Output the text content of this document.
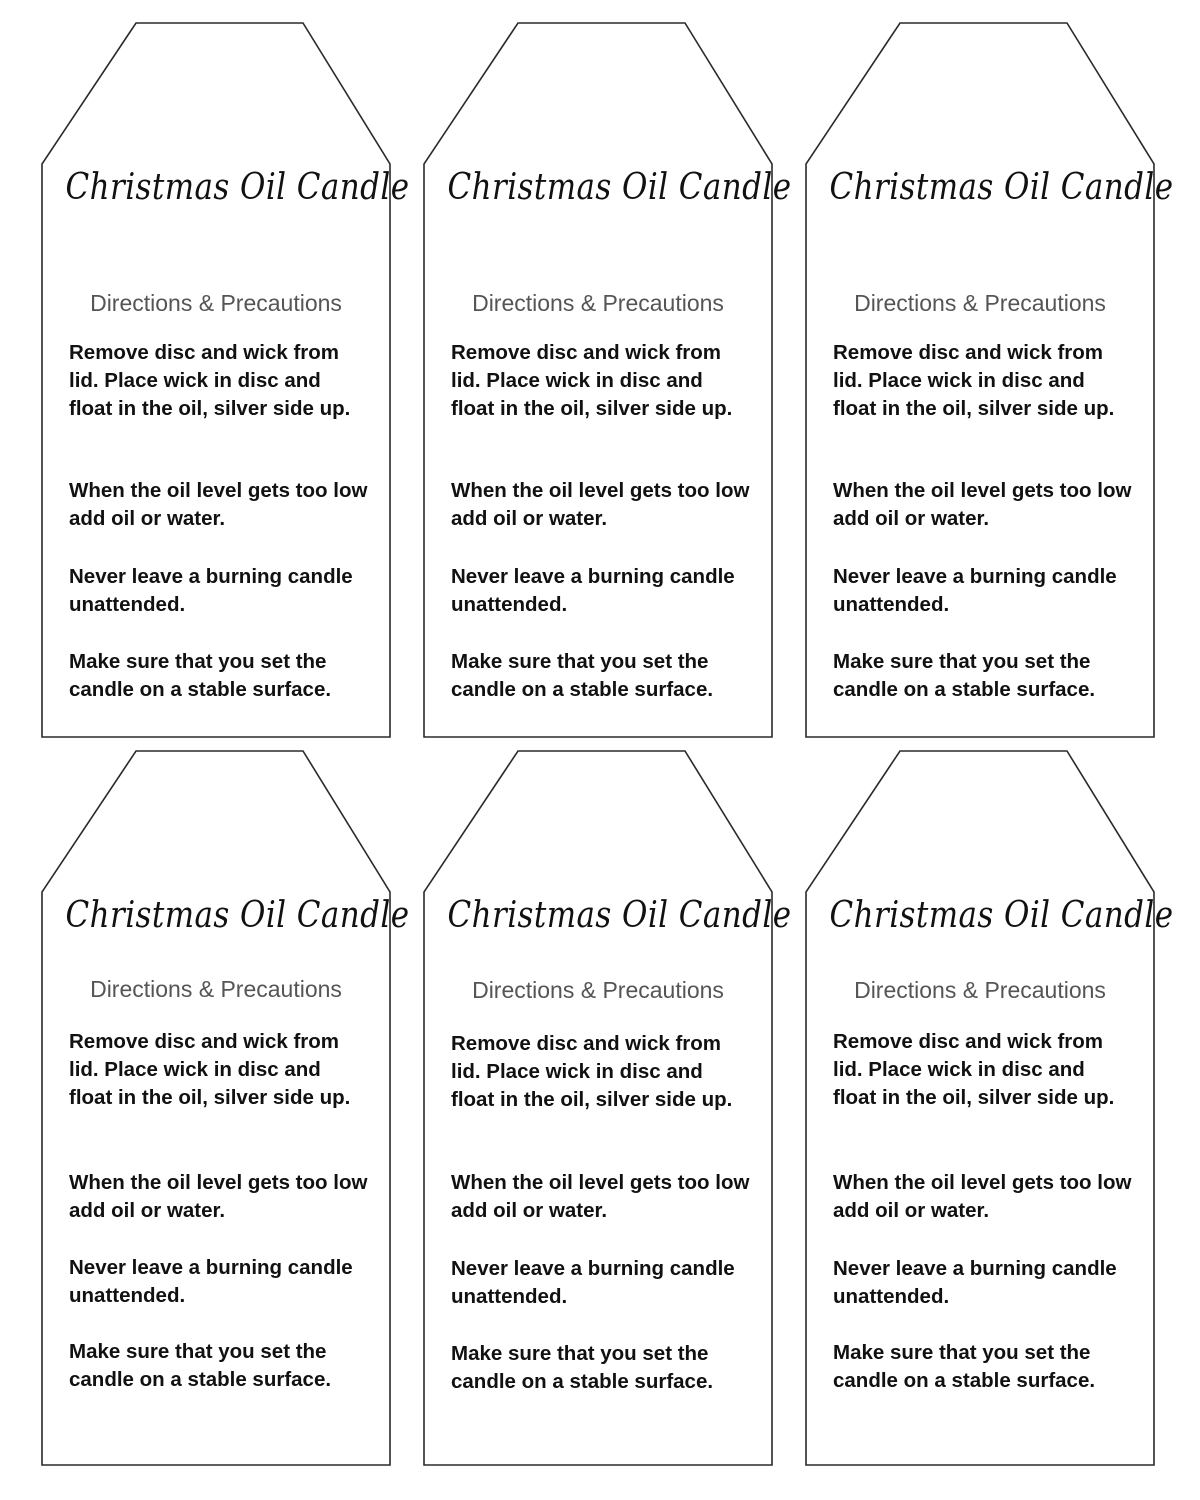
Christmas Oil Candle
Directions & Precautions

Remove disc and wick from lid. Place wick in disc and float in the oil, silver side up.

When the oil level gets too low add oil or water.

Never leave a burning candle unattended.

Make sure that you set the candle on a stable surface.

Christmas Oil Candle
Directions & Precautions

Remove disc and wick from lid. Place wick in disc and float in the oil, silver side up.

When the oil level gets too low add oil or water.

Never leave a burning candle unattended.

Make sure that you set the candle on a stable surface.

Christmas Oil Candle
Directions & Precautions

Remove disc and wick from lid. Place wick in disc and float in the oil, silver side up.

When the oil level gets too low add oil or water.

Never leave a burning candle unattended.

Make sure that you set the candle on a stable surface.

Christmas Oil Candle
Directions & Precautions

Remove disc and wick from lid. Place wick in disc and float in the oil, silver side up.

When the oil level gets too low add oil or water.

Never leave a burning candle unattended.

Make sure that you set the candle on a stable surface.

Christmas Oil Candle
Directions & Precautions

Remove disc and wick from lid. Place wick in disc and float in the oil, silver side up.

When the oil level gets too low add oil or water.

Never leave a burning candle unattended.

Make sure that you set the candle on a stable surface.

Christmas Oil Candle
Directions & Precautions

Remove disc and wick from lid. Place wick in disc and float in the oil, silver side up.

When the oil level gets too low add oil or water.

Never leave a burning candle unattended.

Make sure that you set the candle on a stable surface.
